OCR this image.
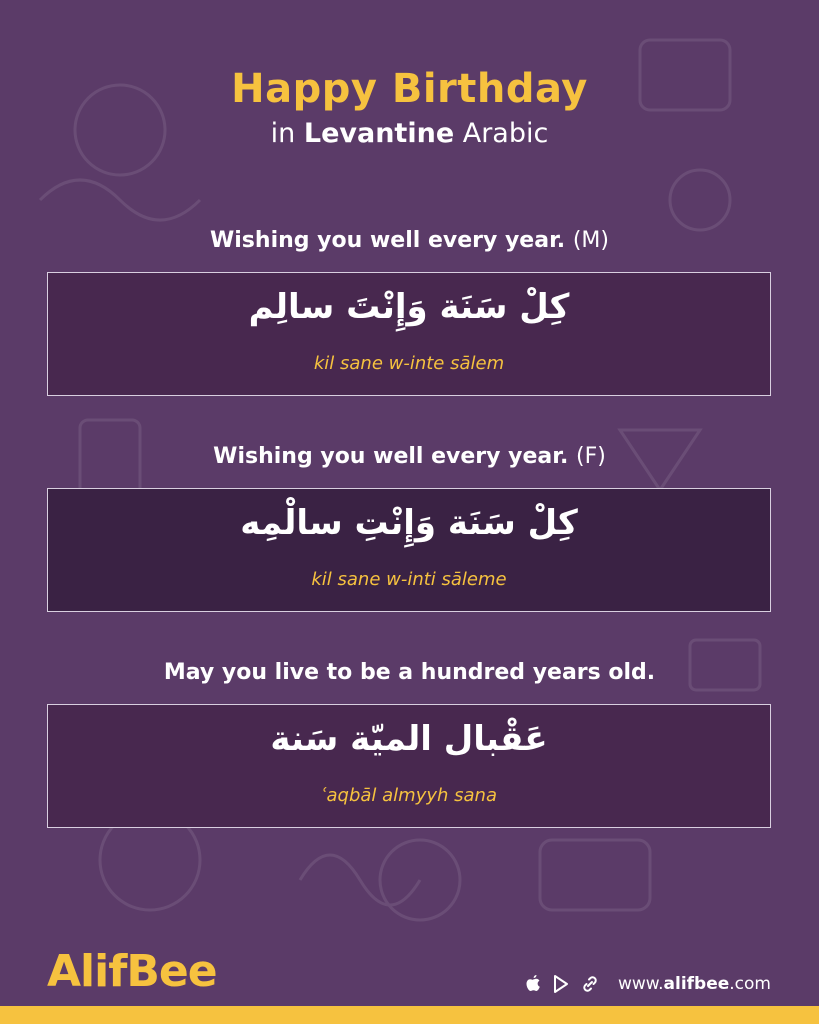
Happy Birthday
in Levantine Arabic
Wishing you well every year. (M)
كِلْ سَنَة وَإِنْتَ سالِم
kil sane w-inte sālem
Wishing you well every year. (F)
كِلْ سَنَة وَإِنْتِ سالْمِه
kil sane w-inti sāleme
May you live to be a hundred years old.
عَقْبال الميّة سَنة
ʿaqbāl almyyh sana
AlifBee	www.alifbee.com
